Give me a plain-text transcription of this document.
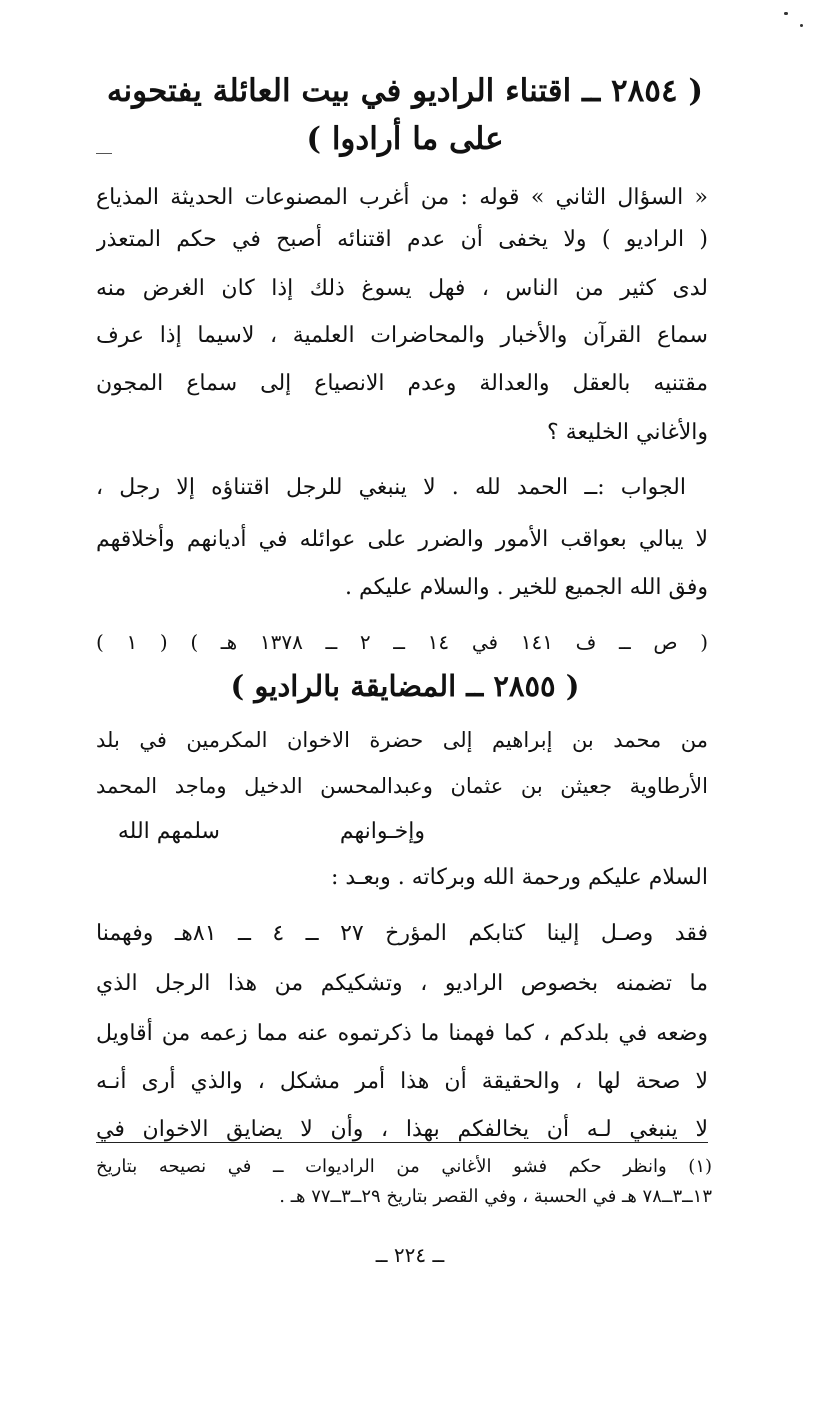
( ٢٨٥٤ ــ اقتناء الراديو في بيت العائلة يفتحونه
على ما أرادوا )
« السؤال الثاني » قوله : من أغرب المصنوعات الحديثة المذياع
( الراديو ) ولا يخفى أن عدم اقتنائه أصبح في حكم المتعذر
لدى كثير من الناس ، فهل يسوغ ذلك إذا كان الغرض منه
سماع القرآن والأخبار والمحاضرات العلمية ، لاسيما إذا عرف
مقتنيه بالعقل والعدالة وعدم الانصياع إلى سماع المجون
والأغاني الخليعة ؟
الجواب :ــ الحمد لله . لا ينبغي للرجل اقتناؤه إلا رجل ،
لا يبالي بعواقب الأمور والضرر على عوائله في أديانهم وأخلاقهم
وفق الله الجميع للخير . والسلام عليكم .
( ص ــ ف ١٤١ في ١٤ ــ ٢ ــ ١٣٧٨ هـ ) ( ١ )
( ٢٨٥٥ ــ المضايقة بالراديو )
من محمد بن إبراهيم إلى حضرة الاخوان المكرمين في بلد
الأرطاوية جعيثن بن عثمان وعبدالمحسن الدخيل وماجد المحمد
وإخـوانهم
سلمهم الله
السلام عليكم ورحمة الله وبركاته . وبعـد :
فقد وصـل إلينا كتابكم المؤرخ ٢٧ ــ ٤ ــ ٨١هـ وفهمنا
ما تضمنه بخصوص الراديو ، وتشكيكم من هذا الرجل الذي
وضعه في بلدكم ، كما فهمنا ما ذكرتموه عنه مما زعمه من أقاويل
لا صحة لها ، والحقيقة أن هذا أمر مشكل ، والذي أرى أنـه
لا ينبغي لـه أن يخالفكم بهذا ، وأن لا يضايق الاخوان في
(١) وانظر حكم فشو الأغاني من الراديوات ــ في نصيحه بتاريخ
١٣ــ٣ــ٧٨ هـ في الحسبة ، وفي القصر بتاريخ ٢٩ــ٣ــ٧٧ هـ .
ــ ٢٢٤ ــ
